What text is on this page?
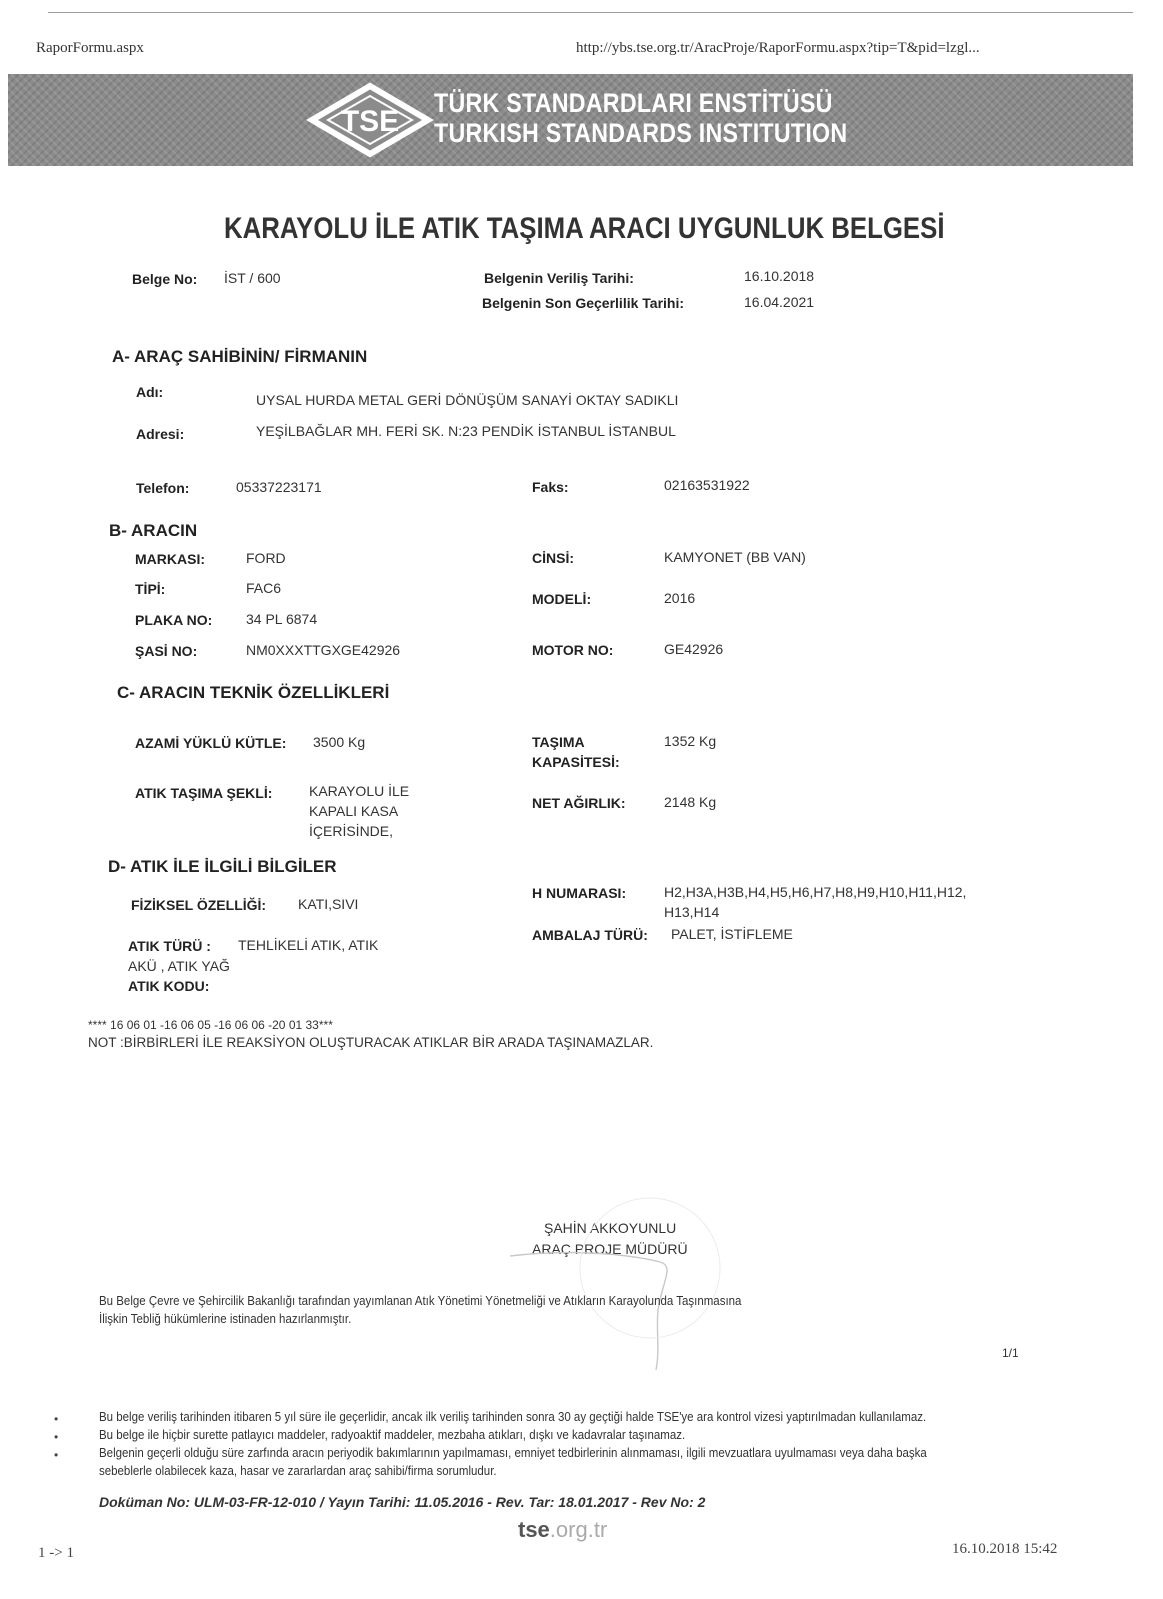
RaporFormu.aspx	http://ybs.tse.org.tr/AracProje/RaporFormu.aspx?tip=T&pid=lzgl...
TSE
TÜRK STANDARDLARI ENSTİTÜSÜ
TURKISH STANDARDS INSTITUTION
KARAYOLU İLE ATIK TAŞIMA ARACI UYGUNLUK BELGESİ
Belge No: İST / 600	Belgenin Veriliş Tarihi:	16.10.2018
Belgenin Son Geçerlilik Tarihi:	16.04.2021
A- ARAÇ SAHİBİNİN/ FİRMANIN
Adı:	UYSAL HURDA METAL GERİ DÖNÜŞÜM SANAYİ OKTAY SADIKLI
Adresi:	YEŞİLBAĞLAR MH. FERİ SK. N:23 PENDİK İSTANBUL İSTANBUL
Telefon:	05337223171	Faks:	02163531922
B- ARACIN
MARKASI:	FORD
TİPİ:	FAC6
PLAKA NO: 34 PL 6874
ŞASİ NO:	NM0XXXTTGXGE42926
CİNSİ:	KAMYONET (BB VAN)
MODELİ:	2016
MOTOR NO:	GE42926
C- ARACIN TEKNİK ÖZELLİKLERİ
AZAMİ YÜKLÜ KÜTLE: 3500 Kg
ATIK TAŞIMA ŞEKLİ:	KARAYOLU İLE
KAPALI KASA
İÇERİSİNDE,
TAŞIMA
KAPASİTESİ:
1352 Kg
NET AĞIRLIK:	2148 Kg
D- ATIK İLE İLGİLİ BİLGİLER
FİZİKSEL ÖZELLİĞİ: KATI,SIVI
ATIK TÜRÜ : TEHLİKELİ ATIK, ATIK
AKÜ , ATIK YAĞ
ATIK KODU:
H NUMARASI:	H2,H3A,H3B,H4,H5,H6,H7,H8,H9,H10,H11,H12,
H13,H14
AMBALAJ TÜRÜ: PALET, İSTİFLEME
**** 16 06 01 -16 06 05 -16 06 06 -20 01 33***
NOT :BİRBİRLERİ İLE REAKSİYON OLUŞTURACAK ATIKLAR BİR ARADA TAŞINAMAZLAR.
ŞAHİN AKKOYUNLU
ARAÇ PROJE MÜDÜRÜ
Bu Belge Çevre ve Şehircilik Bakanlığı tarafından yayımlanan Atık Yönetimi Yönetmeliği ve Atıkların Karayolunda Taşınmasına
İlişkin Tebliğ hükümlerine istinaden hazırlanmıştır.
1/1
•	Bu belge veriliş tarihinden itibaren 5 yıl süre ile geçerlidir, ancak ilk veriliş tarihinden sonra 30 ay geçtiği halde TSE'ye ara kontrol vizesi yaptırılmadan kullanılamaz.
•	Bu belge ile hiçbir surette patlayıcı maddeler, radyoaktif maddeler, mezbaha atıkları, dışkı ve kadavralar taşınamaz.
•	Belgenin geçerli olduğu süre zarfında aracın periyodik bakımlarının yapılmaması, emniyet tedbirlerinin alınmaması, ilgili mevzuatlara uyulmaması veya daha başka
sebeblerle olabilecek kaza, hasar ve zararlardan araç sahibi/firma sorumludur.
Doküman No: ULM-03-FR-12-010 / Yayın Tarihi: 11.05.2016 - Rev. Tar: 18.01.2017 - Rev No: 2
tse.org.tr
1 -> 1	16.10.2018 15:42
